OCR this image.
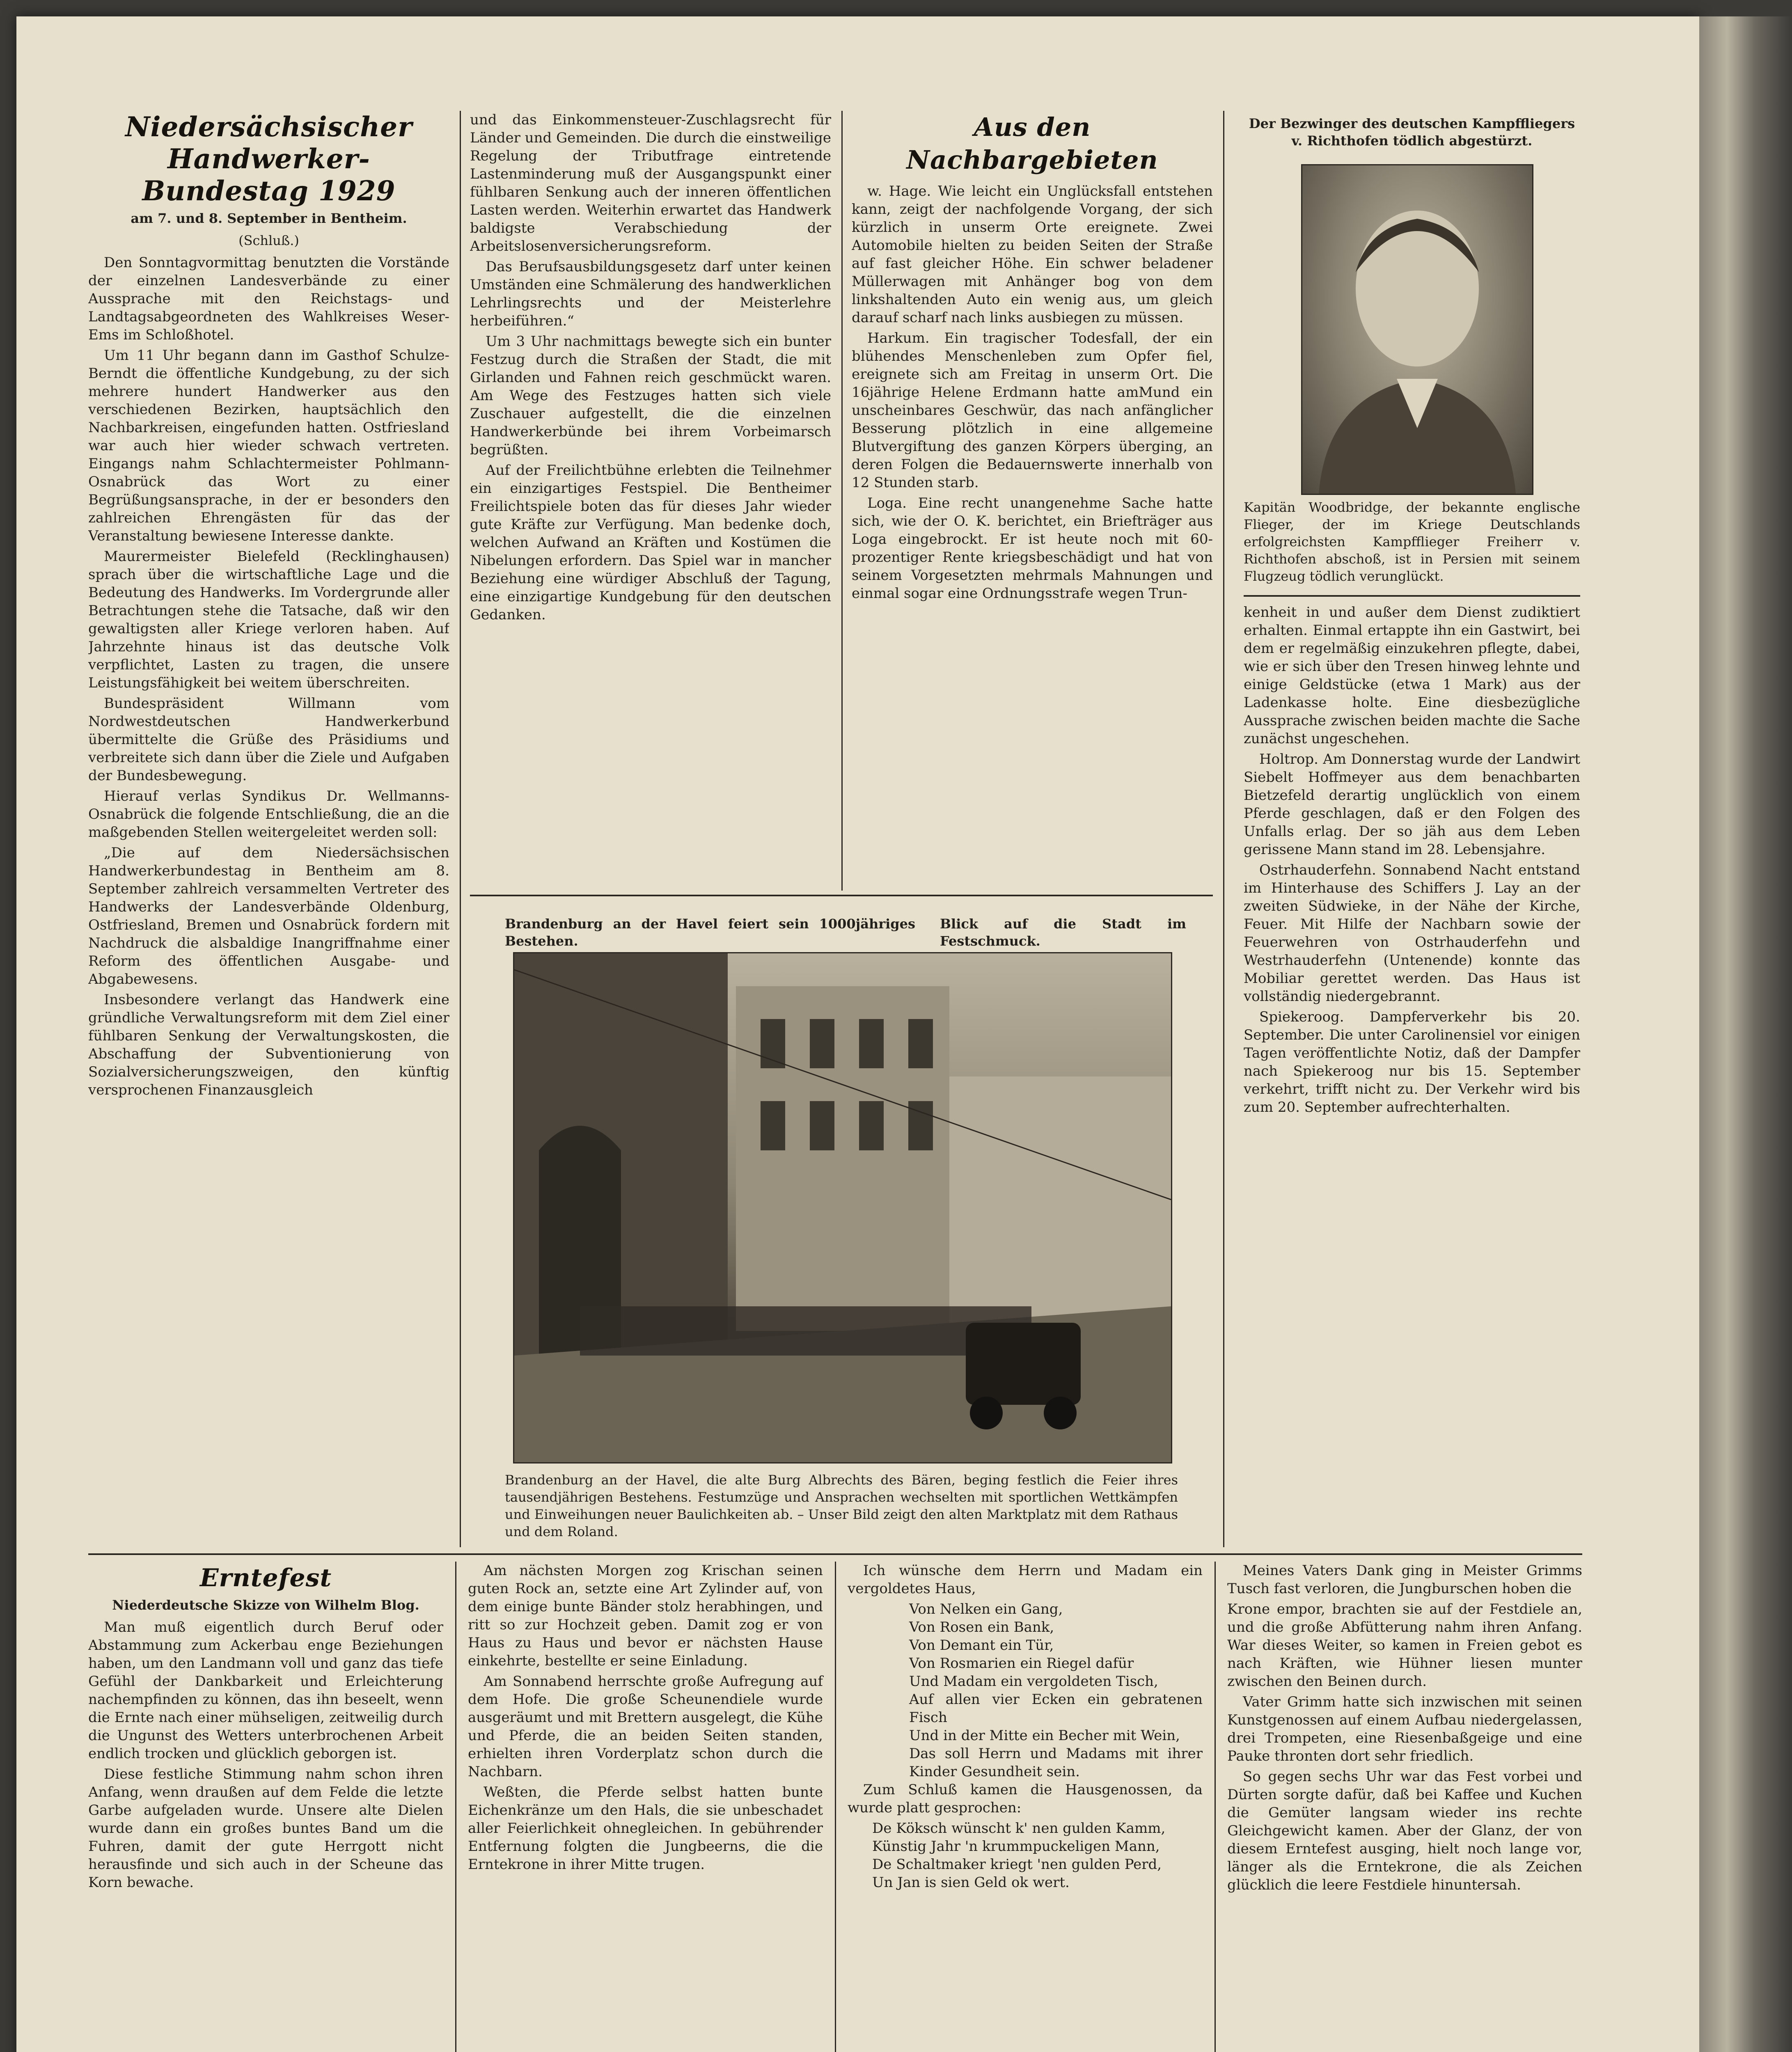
Niedersächsischer Handwerker-Bundestag 1929
am 7. und 8. September in Bentheim.
(Schluß.)

Den Sonntagvormittag benutzten die Vorstände der einzelnen Landesverbände zu einer Aussprache mit den Reichstags- und Landtagsabgeordneten des Wahlkreises Weser-Ems im Schloßhotel.

Um 11 Uhr begann dann im Gasthof Schulze-Berndt die öffentliche Kundgebung, zu der sich mehrere hundert Handwerker aus den verschiedenen Bezirken, hauptsächlich den Nachbarkreisen, eingefunden hatten. Ostfriesland war auch hier wieder schwach vertreten. Eingangs nahm Schlachtermeister Pohlmann-Osnabrück das Wort zu einer Begrüßungsansprache, in der er besonders den zahlreichen Ehrengästen für das der Veranstaltung bewiesene Interesse dankte.

Maurermeister Bielefeld (Recklinghausen) sprach über die wirtschaftliche Lage und die Bedeutung des Handwerks. Im Vordergrunde aller Betrachtungen stehe die Tatsache, daß wir den gewaltigsten aller Kriege verloren haben. Auf Jahrzehnte hinaus ist das deutsche Volk verpflichtet, Lasten zu tragen, die unsere Leistungsfähigkeit bei weitem überschreiten.

Bundespräsident Willmann vom Nordwestdeutschen Handwerkerbund übermittelte die Grüße des Präsidiums und verbreitete sich dann über die Ziele und Aufgaben der Bundesbewegung.

Hierauf verlas Syndikus Dr. Wellmanns-Osnabrück die folgende Entschließung, die an die maßgebenden Stellen weitergeleitet werden soll:

„Die auf dem Niedersächsischen Handwerkerbundestag in Bentheim am 8. September zahlreich versammelten Vertreter des Handwerks der Landesverbände Oldenburg, Ostfriesland, Bremen und Osnabrück fordern mit Nachdruck die alsbaldige Inangriffnahme einer Reform des öffentlichen Ausgabe- und Abgabewesens.

Insbesondere verlangt das Handwerk eine gründliche Verwaltungsreform mit dem Ziel einer fühlbaren Senkung der Verwaltungskosten, die Abschaffung der Subventionierung von Sozialversicherungszweigen, den künftig versprochenen Finanzausgleich

und das Einkommensteuer-Zuschlagsrecht für Länder und Gemeinden. Die durch die einstweilige Regelung der Tributfrage eintretende Lastenminderung muß der Ausgangspunkt einer fühlbaren Senkung auch der inneren öffentlichen Lasten werden. Weiterhin erwartet das Handwerk baldigste Verabschiedung der Arbeitslosenversicherungsreform.

Das Berufsausbildungsgesetz darf unter keinen Umständen eine Schmälerung des handwerklichen Lehrlingsrechts und der Meisterlehre herbeiführen.“

Um 3 Uhr nachmittags bewegte sich ein bunter Festzug durch die Straßen der Stadt, die mit Girlanden und Fahnen reich geschmückt waren. Am Wege des Festzuges hatten sich viele Zuschauer aufgestellt, die die einzelnen Handwerkerbünde bei ihrem Vorbeimarsch begrüßten.

Auf der Freilichtbühne erlebten die Teilnehmer ein einzigartiges Festspiel. Die Bentheimer Freilichtspiele boten das für dieses Jahr wieder gute Kräfte zur Verfügung. Man bedenke doch, welchen Aufwand an Kräften und Kostümen die Nibelungen erfordern. Das Spiel war in mancher Beziehung eine würdiger Abschluß der Tagung, eine einzigartige Kundgebung für den deutschen Gedanken.

Aus den Nachbargebieten

w. Hage. Wie leicht ein Unglücksfall entstehen kann, zeigt der nachfolgende Vorgang, der sich kürzlich in unserm Orte ereignete. Zwei Automobile hielten zu beiden Seiten der Straße auf fast gleicher Höhe. Ein schwer beladener Müllerwagen mit Anhänger bog von dem linkshaltenden Auto ein wenig aus, um gleich darauf scharf nach links ausbiegen zu müssen.

Harkum. Ein tragischer Todesfall, der ein blühendes Menschenleben zum Opfer fiel, ereignete sich am Freitag in unserm Ort. Die 16jährige Helene Erdmann hatte amMund ein unscheinbares Geschwür, das nach anfänglicher Besserung plötzlich in eine allgemeine Blutvergiftung des ganzen Körpers überging, an deren Folgen die Bedauernswerte innerhalb von 12 Stunden starb.

Loga. Eine recht unangenehme Sache hatte sich, wie der O. K. berichtet, ein Briefträger aus Loga eingebrockt. Er ist heute noch mit 60-prozentiger Rente kriegsbeschädigt und hat von seinem Vorgesetzten mehrmals Mahnungen und einmal sogar eine Ordnungsstrafe wegen Trun-

Der Bezwinger des deutschen Kampffliegers v. Richthofen tödlich abgestürzt.
Kapitän Woodbridge, der bekannte englische Flieger, der im Kriege Deutschlands erfolgreichsten Kampfflieger Freiherr v. Richthofen abschoß, ist in Persien mit seinem Flugzeug tödlich verunglückt.

kenheit in und außer dem Dienst zudiktiert erhalten. Einmal ertappte ihn ein Gastwirt, bei dem er regelmäßig einzukehren pflegte, dabei, wie er sich über den Tresen hinweg lehnte und einige Geldstücke (etwa 1 Mark) aus der Ladenkasse holte. Eine diesbezügliche Aussprache zwischen beiden machte die Sache zunächst ungeschehen.

Holtrop. Am Donnerstag wurde der Landwirt Siebelt Hoffmeyer aus dem benachbarten Bietzefeld derartig unglücklich von einem Pferde geschlagen, daß er den Folgen des Unfalls erlag. Der so jäh aus dem Leben gerissene Mann stand im 28. Lebensjahre.

Ostrhauderfehn. Sonnabend Nacht entstand im Hinterhause des Schiffers J. Lay an der zweiten Südwieke, in der Nähe der Kirche, Feuer. Mit Hilfe der Nachbarn sowie der Feuerwehren von Ostrhauderfehn und Westrhauderfehn (Untenende) konnte das Mobiliar gerettet werden. Das Haus ist vollständig niedergebrannt.

Spiekeroog. Dampferverkehr bis 20. September. Die unter Carolinensiel vor einigen Tagen veröffentlichte Notiz, daß der Dampfer nach Spiekeroog nur bis 15. September verkehrt, trifft nicht zu. Der Verkehr wird bis zum 20. September aufrechterhalten.

Brandenburg an der Havel feiert sein 1000jähriges Bestehen.
Blick auf die Stadt im Festschmuck.
Brandenburg an der Havel, die alte Burg Albrechts des Bären, beging festlich die Feier ihres tausendjährigen Bestehens. Festumzüge und Ansprachen wechselten mit sportlichen Wettkämpfen und Einweihungen neuer Baulichkeiten ab. – Unser Bild zeigt den alten Marktplatz mit dem Rathaus und dem Roland.
Erntefest
Niederdeutsche Skizze von Wilhelm Blog.

Man muß eigentlich durch Beruf oder Abstammung zum Ackerbau enge Beziehungen haben, um den Landmann voll und ganz das tiefe Gefühl der Dankbarkeit und Erleichterung nachempfinden zu können, das ihn beseelt, wenn die Ernte nach einer mühseligen, zeitweilig durch die Ungunst des Wetters unterbrochenen Arbeit endlich trocken und glücklich geborgen ist.

Diese festliche Stimmung nahm schon ihren Anfang, wenn draußen auf dem Felde die letzte Garbe aufgeladen wurde. Unsere alte Dielen wurde dann ein großes buntes Band um die Fuhren, damit der gute Herrgott nicht herausfinde und sich auch in der Scheune das Korn bewache.

Am nächsten Morgen zog Krischan seinen guten Rock an, setzte eine Art Zylinder auf, von dem einige bunte Bänder stolz herabhingen, und ritt so zur Hochzeit geben. Damit zog er von Haus zu Haus und bevor er nächsten Hause einkehrte, bestellte er seine Einladung.

Am Sonnabend herrschte große Aufregung auf dem Hofe. Die große Scheunendiele wurde ausgeräumt und mit Brettern ausgelegt, die Kühe und Pferde, die an beiden Seiten standen, erhielten ihren Vorderplatz schon durch die Nachbarn.

Weßten, die Pferde selbst hatten bunte Eichenkränze um den Hals, die sie unbeschadet aller Feierlichkeit ohnegleichen. In gebührender Entfernung folgten die Jungbeerns, die die Erntekrone in ihrer Mitte trugen.

Ich wünsche dem Herrn und Madam ein vergoldetes Haus,

Von Nelken ein Gang,

Von Rosen ein Bank,

Von Demant ein Tür,

Von Rosmarien ein Riegel dafür

Und Madam ein vergoldeten Tisch,

Auf allen vier Ecken ein gebratenen Fisch

Und in der Mitte ein Becher mit Wein,

Das soll Herrn und Madams mit ihrer Kinder Gesundheit sein.

Zum Schluß kamen die Hausgenossen, da wurde platt gesprochen:

De Köksch wünscht k' nen gulden Kamm,

Künstig Jahr 'n krummpuckeligen Mann,

De Schaltmaker kriegt 'nen gulden Perd,

Un Jan is sien Geld ok wert.

Meines Vaters Dank ging in Meister Grimms Tusch fast verloren, die Jungburschen hoben die

Krone empor, brachten sie auf der Festdiele an, und die große Abfütterung nahm ihren Anfang. War dieses Weiter, so kamen in Freien gebot es nach Kräften, wie Hühner liesen munter zwischen den Beinen durch.

Vater Grimm hatte sich inzwischen mit seinen Kunstgenossen auf einem Aufbau niedergelassen, drei Trompeten, eine Riesenbaßgeige und eine Pauke thronten dort sehr friedlich.

So gegen sechs Uhr war das Fest vorbei und Dürten sorgte dafür, daß bei Kaffee und Kuchen die Gemüter langsam wieder ins rechte Gleichgewicht kamen. Aber der Glanz, der von diesem Erntefest ausging, hielt noch lange vor, länger als die Erntekrone, die als Zeichen glücklich die leere Festdiele hinuntersah.
